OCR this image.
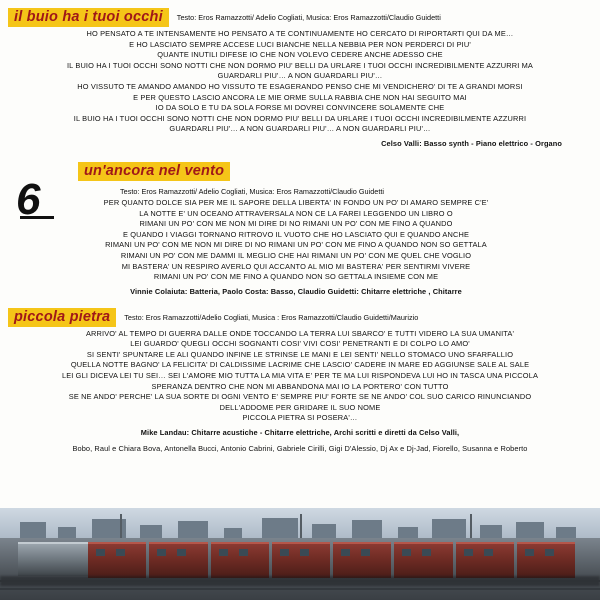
6
il buio ha i tuoi occhi	Testo: Eros Ramazzotti/ Adelio Cogliati, Musica: Eros Ramazzotti/Claudio Guidetti
HO PENSATO A TE INTENSAMENTE HO PENSATO A TE CONTINUAMENTE HO CERCATO DI RIPORTARTI QUI DA ME…
E HO LASCIATO SEMPRE ACCESE LUCI BIANCHE NELLA NEBBIA PER NON PERDERCI DI PIU'
QUANTE INUTILI DIFESE IO CHE NON VOLEVO CEDERE ANCHE ADESSO CHE
IL BUIO HA I TUOI OCCHI SONO NOTTI CHE NON DORMO PIU' BELLI DA URLARE I TUOI OCCHI INCREDIBILMENTE AZZURRI MA
GUARDARLI PIU'… A NON GUARDARLI PIU'…
HO VISSUTO TE AMANDO AMANDO HO VISSUTO TE ESAGERANDO PENSO CHE MI VENDICHERO' DI TE A GRANDI MORSI
E PER QUESTO LASCIO ANCORA LE MIE ORME SULLA RABBIA CHE NON HAI SEGUITO MAI
IO DA SOLO E TU DA SOLA FORSE MI DOVREI CONVINCERE SOLAMENTE CHE
IL BUIO HA I TUOI OCCHI SONO NOTTI CHE NON DORMO PIU' BELLI DA URLARE I TUOI OCCHI INCREDIBILMENTE AZZURRI
GUARDARLI PIU'… A NON GUARDARLI PIU'… A NON GUARDARLI PIU'…
Celso Valli: Basso synth - Piano elettrico - Organo
un'ancora nel vento
Testo: Eros Ramazzotti/ Adelio Cogliati, Musica: Eros Ramazzotti/Claudio Guidetti
PER QUANTO DOLCE SIA PER ME IL SAPORE DELLA LIBERTA' IN FONDO UN PO' DI AMARO SEMPRE C'E'
LA NOTTE E' UN OCEANO ATTRAVERSALA NON CE LA FAREI LEGGENDO UN LIBRO O
RIMANI UN PO' CON ME NON MI DIRE DI NO RIMANI UN PO' CON ME FINO A QUANDO
E QUANDO I VIAGGI TORNANO RITROVO IL VUOTO CHE HO LASCIATO QUI E QUANDO ANCHE
RIMANI UN PO' CON ME NON MI DIRE DI NO RIMANI UN PO' CON ME FINO A QUANDO NON SO GETTALA
RIMANI UN PO' CON ME DAMMI IL MEGLIO CHE HAI RIMANI UN PO' CON ME QUEL CHE VOGLIO
MI BASTERA' UN RESPIRO AVERLO QUI ACCANTO AL MIO MI BASTERA' PER SENTIRMI VIVERE
RIMANI UN PO' CON ME FINO A QUANDO NON SO GETTALA INSIEME CON ME
Vinnie Colaiuta: Batteria, Paolo Costa: Basso, Claudio Guidetti: Chitarre elettriche , Chitarre
piccola pietra	Testo: Eros Ramazzotti/Adelio Cogliati, Musica : Eros Ramazzotti/Claudio Guidetti/Maurizio
ARRIVO' AL TEMPO DI GUERRA DALLE ONDE TOCCANDO LA TERRA LUI SBARCO' E TUTTI VIDERO LA SUA UMANITA'
LEI GUARDO' QUEGLI OCCHI SOGNANTI COSI' VIVI COSI' PENETRANTI E DI COLPO LO AMO'
SI SENTI' SPUNTARE LE ALI QUANDO INFINE LE STRINSE LE MANI E LEI SENTI' NELLO STOMACO UNO SFARFALLIO
QUELLA NOTTE BAGNO' LA FELICITA' DI CALDISSIME LACRIME CHE LASCIO' CADERE IN MARE ED AGGIUNSE SALE AL SALE
LEI GLI DICEVA LEI TU SEI… SEI L'AMORE MIO TUTTA LA MIA VITA E' PER TE MA LUI RISPONDEVA LUI HO IN TASCA UNA PICCOLA
SPERANZA DENTRO CHE NON MI ABBANDONA MAI IO LA PORTERO' CON TUTTO
SE NE ANDO' PERCHE' LA SUA SORTE DI OGNI VENTO E' SEMPRE PIU' FORTE SE NE ANDO' COL SUO CARICO RINUNCIANDO
DELL'ADDOME PER GRIDARE IL SUO NOME
PICCOLA PIETRA SI POSERA'…
Mike Landau: Chitarre acustiche - Chitarre elettriche, Archi scritti e diretti da Celso Valli,
Bobo, Raul e Chiara Bova, Antonella Bucci, Antonio Cabrini, Gabriele Cirilli, Gigi D'Alessio, Dj Ax e Dj-Jad, Fiorello, Susanna e Roberto
